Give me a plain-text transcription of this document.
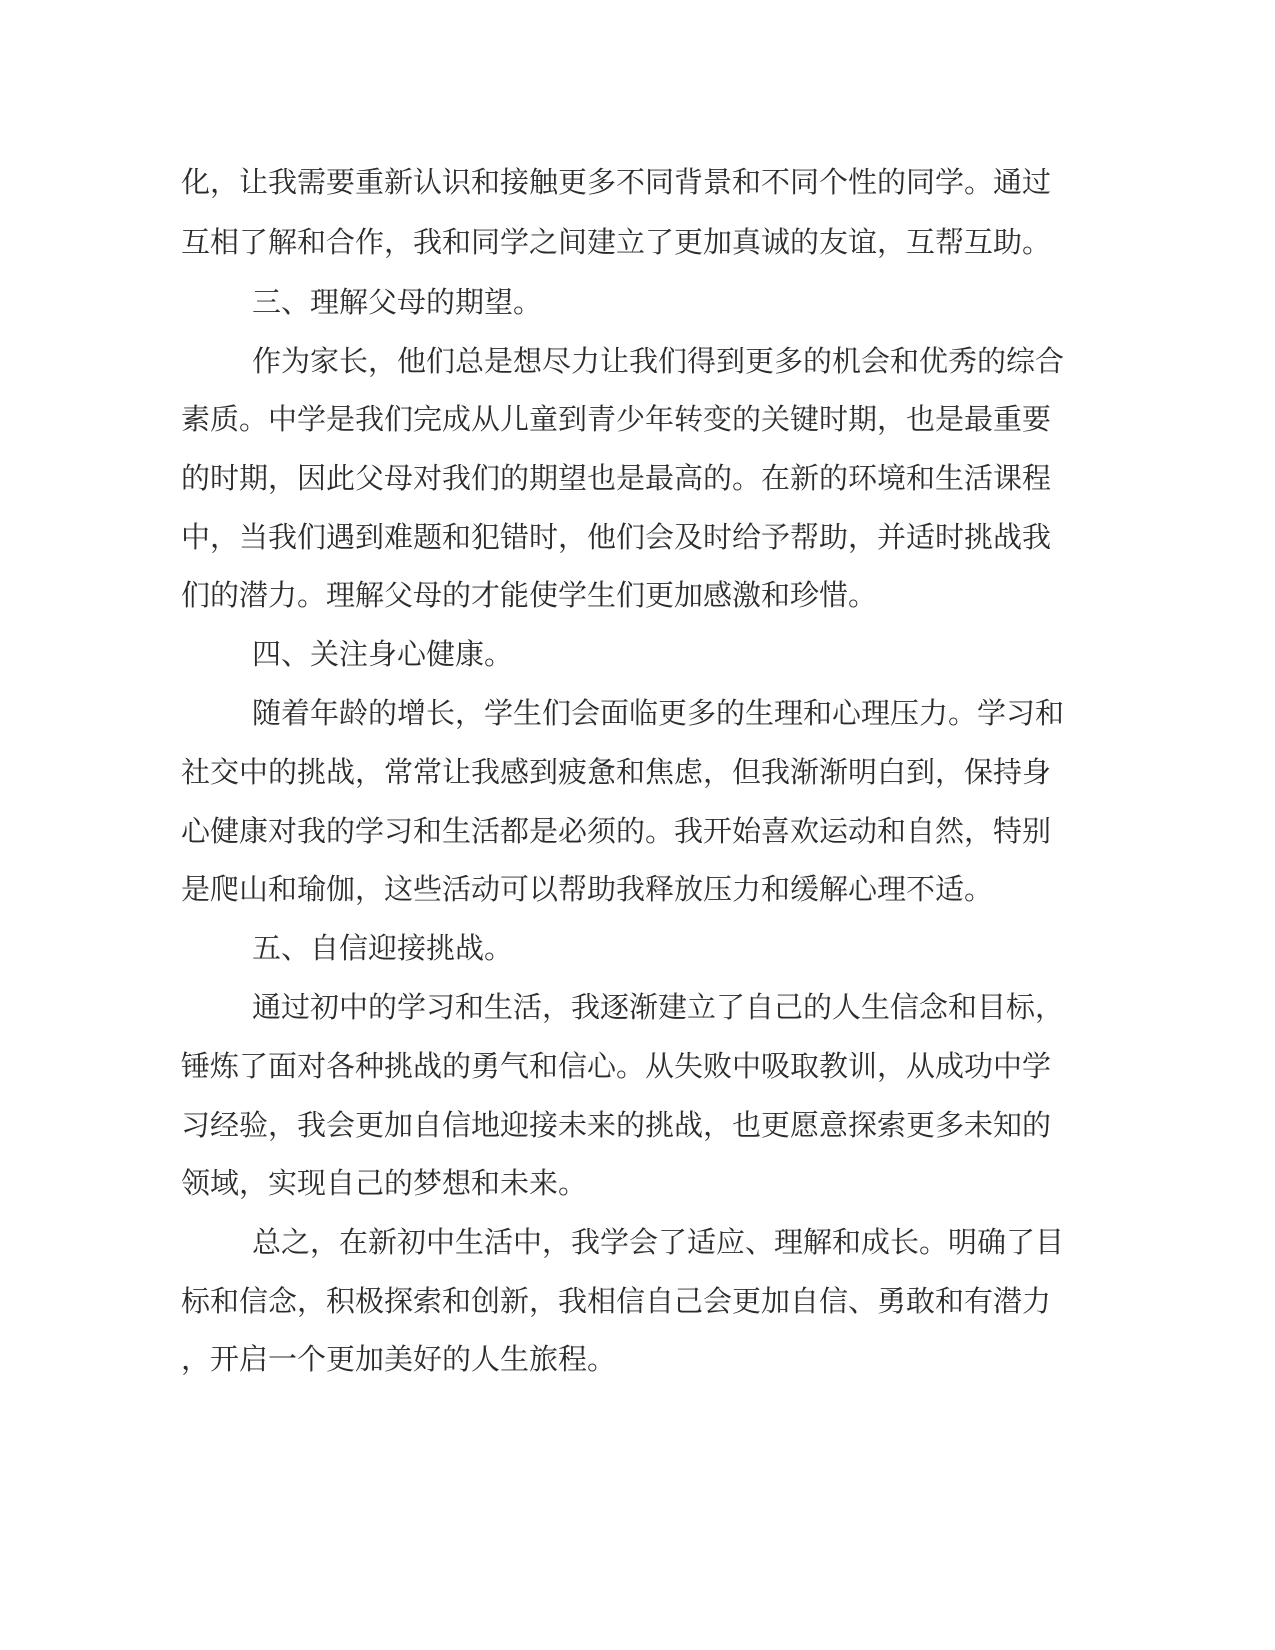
化，让我需要重新认识和接触更多不同背景和不同个性的同学。通过
互相了解和合作，我和同学之间建立了更加真诚的友谊，互帮互助。
三、理解父母的期望。
作为家长，他们总是想尽力让我们得到更多的机会和优秀的综合
素质。中学是我们完成从儿童到青少年转变的关键时期，也是最重要
的时期，因此父母对我们的期望也是最高的。在新的环境和生活课程
中，当我们遇到难题和犯错时，他们会及时给予帮助，并适时挑战我
们的潜力。理解父母的才能使学生们更加感激和珍惜。
四、关注身心健康。
随着年龄的增长，学生们会面临更多的生理和心理压力。学习和
社交中的挑战，常常让我感到疲惫和焦虑，但我渐渐明白到，保持身
心健康对我的学习和生活都是必须的。我开始喜欢运动和自然，特别
是爬山和瑜伽，这些活动可以帮助我释放压力和缓解心理不适。
五、自信迎接挑战。
通过初中的学习和生活，我逐渐建立了自己的人生信念和目标，
锤炼了面对各种挑战的勇气和信心。从失败中吸取教训，从成功中学
习经验，我会更加自信地迎接未来的挑战，也更愿意探索更多未知的
领域，实现自己的梦想和未来。
总之，在新初中生活中，我学会了适应、理解和成长。明确了目
标和信念，积极探索和创新，我相信自己会更加自信、勇敢和有潜力
，开启一个更加美好的人生旅程。
